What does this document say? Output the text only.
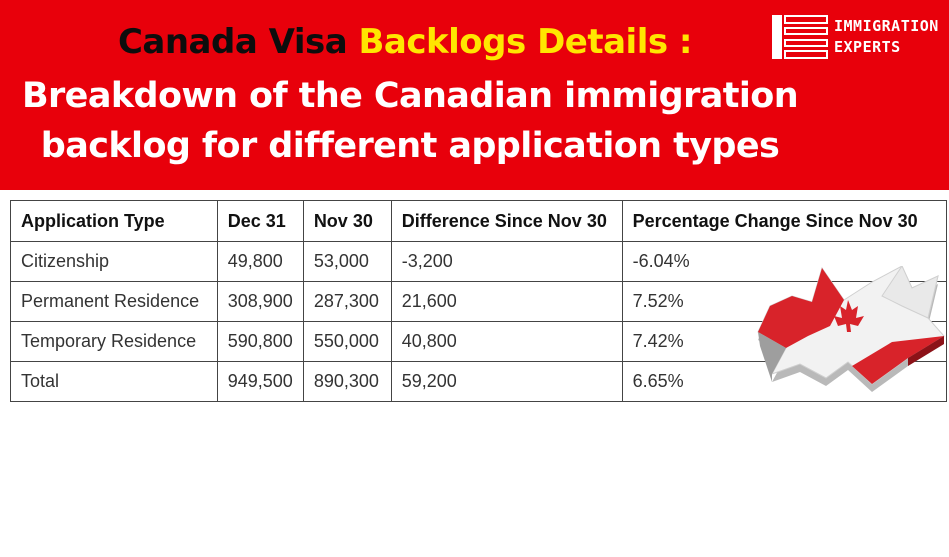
Canada Visa Backlogs Details :
Breakdown of the Canadian immigration
backlog for different application types
IMMIGRATION
EXPERTS
Application Type	Dec 31	Nov 30	Difference Since Nov 30	Percentage Change Since Nov 30
Citizenship	49,800	53,000	-3,200	-6.04%
Permanent Residence	308,900	287,300	21,600	7.52%
Temporary Residence	590,800	550,000	40,800	7.42%
Total	949,500	890,300	59,200	6.65%
